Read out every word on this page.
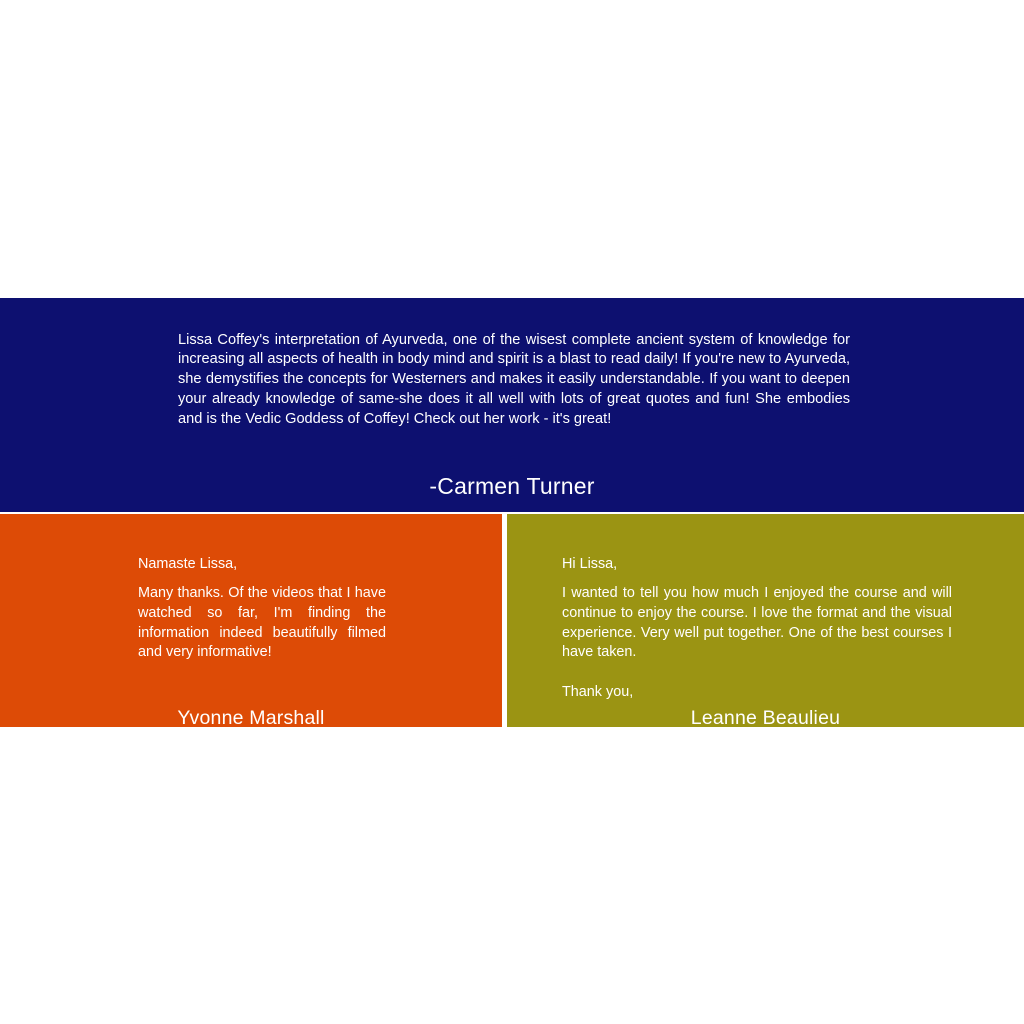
Lissa Coffey's interpretation of Ayurveda, one of the wisest complete ancient system of knowledge for increasing all aspects of health in body mind and spirit is a blast to read daily! If you're new to Ayurveda, she demystifies the concepts for Westerners and makes it easily understandable. If you want to deepen your already knowledge of same-she does it all well with lots of great quotes and fun! She embodies and is the Vedic Goddess of Coffey! Check out her work - it's great!

-Carmen Turner

Namaste Lissa,

Many thanks. Of the videos that I have watched so far, I'm finding the information indeed beautifully filmed and very informative!

Yvonne Marshall

Hi Lissa,

I wanted to tell you how much I enjoyed the course and will continue to enjoy the course. I love the format and the visual experience. Very well put together. One of the best courses I have taken.

Thank you,

Leanne Beaulieu
